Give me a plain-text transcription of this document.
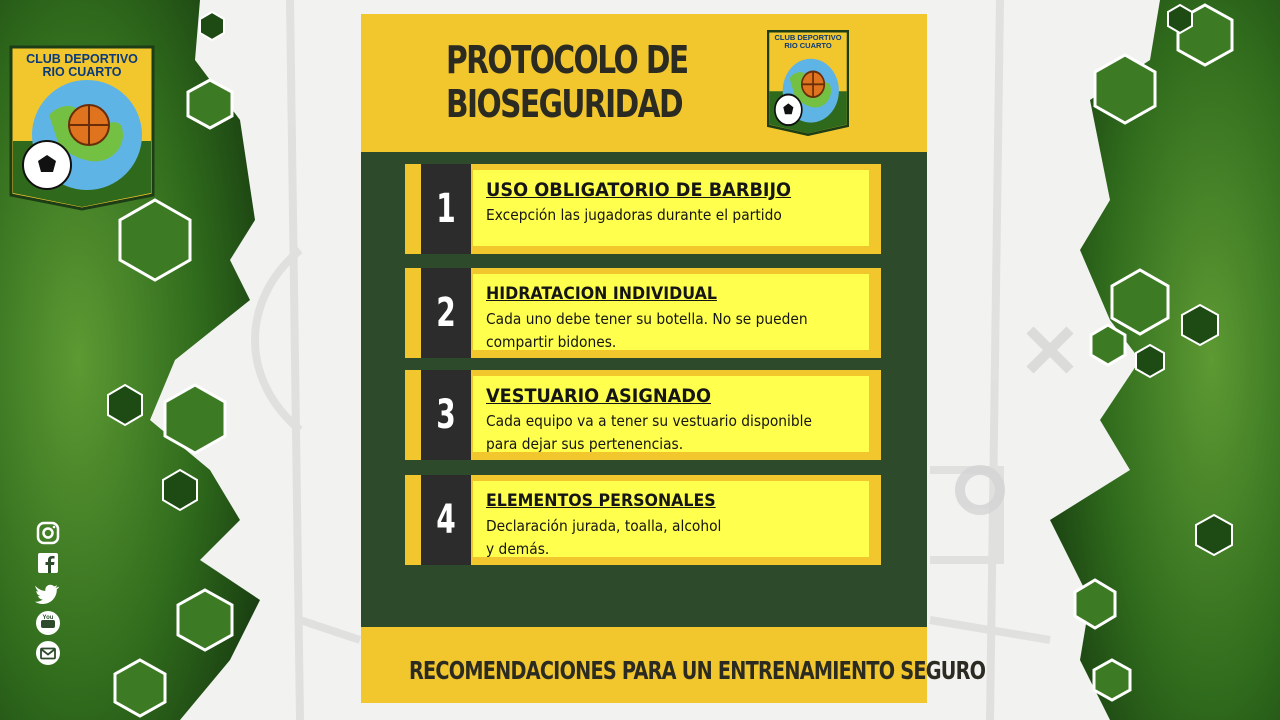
CLUB DEPORTIVO
RIO CUARTO
You
PROTOCOLO DE
BIOSEGURIDAD
CLUB DEPORTIVO
RIO CUARTO
1	USO OBLIGATORIO DE BARBIJO
Excepción las jugadoras durante el partido
2	HIDRATACION INDIVIDUAL
Cada uno debe tener su botella. No se pueden
compartir bidones.
3	VESTUARIO ASIGNADO
Cada equipo va a tener su vestuario disponible
para dejar sus pertenencias.
4	ELEMENTOS PERSONALES
Declaración jurada, toalla, alcohol
y demás.
RECOMENDACIONES PARA UN ENTRENAMIENTO SEGURO
